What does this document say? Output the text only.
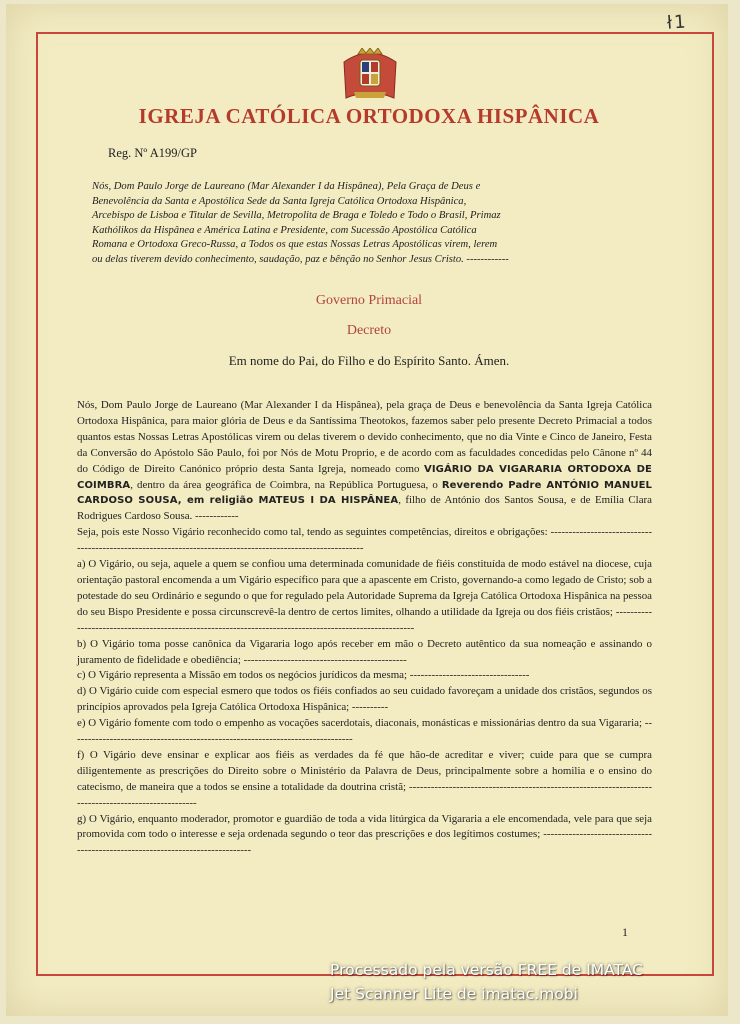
ł1
IGREJA CATÓLICA ORTODOXA HISPÂNICA
Reg. Nº A199/GP
Nós, Dom Paulo Jorge de Laureano (Mar Alexander I da Hispânea), Pela Graça de Deus e
Benevolência da Santa e Apostólica Sede da Santa Igreja Católica Ortodoxa Hispânica,
Arcebispo de Lisboa e Titular de Sevilla, Metropolita de Braga e Toledo e Todo o Brasil, Primaz
Kathólikos da Hispânea e América Latina e Presidente, com Sucessão Apostólica Católica
Romana e Ortodoxa Greco-Russa, a Todos os que estas Nossas Letras Apostólicas virem, lerem
ou delas tiverem devido conhecimento, saudação, paz e bênção no Senhor Jesus Cristo. ------------
Governo Primacial
Decreto
Em nome do Pai, do Filho e do Espírito Santo. Ámen.

Nós, Dom Paulo Jorge de Laureano (Mar Alexander I da Hispânea), pela graça de Deus e benevolência da Santa Igreja Católica Ortodoxa Hispânica, para maior glória de Deus e da Santíssima Theotokos, fazemos saber pelo presente Decreto Primacial a todos quantos estas Nossas Letras Apostólicas virem ou delas tiverem o devido conhecimento, que no dia Vinte e Cinco de Janeiro, Festa da Conversão do Apóstolo São Paulo, foi por Nós de Motu Proprio, e de acordo com as faculdades concedidas pelo Cânone nº 44 do Código de Direito Canónico próprio desta Santa Igreja, nomeado como VIGÁRIO DA VIGARARIA ORTODOXA DE COIMBRA, dentro da área geográfica de Coimbra, na República Portuguesa, o Reverendo Padre ANTÓNIO MANUEL CARDOSO SOUSA, em religião MATEUS I DA HISPÂNEA, filho de António dos Santos Sousa, e de Emília Clara Rodrigues Cardoso Sousa. ------------

Seja, pois este Nosso Vigário reconhecido como tal, tendo as seguintes competências, direitos e obrigações: -----------------------------------------------------------------------------------------------------------

a) O Vigário, ou seja, aquele a quem se confiou uma determinada comunidade de fiéis constituída de modo estável na diocese, cuja orientação pastoral encomenda a um Vigário específico para que a apascente em Cristo, governando-a como legado de Cristo; sob a potestade do seu Ordinário e segundo o que for regulado pela Autoridade Suprema da Igreja Católica Ortodoxa Hispânica na pessoa do seu Bispo Presidente e possa circunscrevê-la dentro de certos limites, olhando a utilidade da Igreja ou dos fiéis cristãos; -------------------------------------------------------------------------------------------------------

b) O Vigário toma posse canônica da Vigararia logo após receber em mão o Decreto autêntico da sua nomeação e assinando o juramento de fidelidade e obediência; ---------------------------------------------

c) O Vigário representa a Missão em todos os negócios jurídicos da mesma; ---------------------------------

d) O Vigário cuide com especial esmero que todos os fiéis confiados ao seu cuidado favoreçam a unidade dos cristãos, segundos os princípios aprovados pela Igreja Católica Ortodoxa Hispânica; ----------

e) O Vigário fomente com todo o empenho as vocações sacerdotais, diaconais, monásticas e missionárias dentro da sua Vigararia; ------------------------------------------------------------------------------

f) O Vigário deve ensinar e explicar aos fiéis as verdades da fé que hão-de acreditar e viver; cuide para que se cumpra diligentemente as prescrições do Direito sobre o Ministério da Palavra de Deus, principalmente sobre a homilia e o ensino do catecismo, de maneira que a todos se ensine a totalidade da doutrina cristã; ----------------------------------------------------------------------------------------------------

g) O Vigário, enquanto moderador, promotor e guardião de toda a vida litúrgica da Vigararia a ele encomendada, vele para que seja promovida com todo o interesse e seja ordenada segundo o teor das prescrições e dos legítimos costumes; ------------------------------------------------------------------------------

1
Processado pela versão FREE de IMATAC
Jet Scanner Lite de imatac.mobi
